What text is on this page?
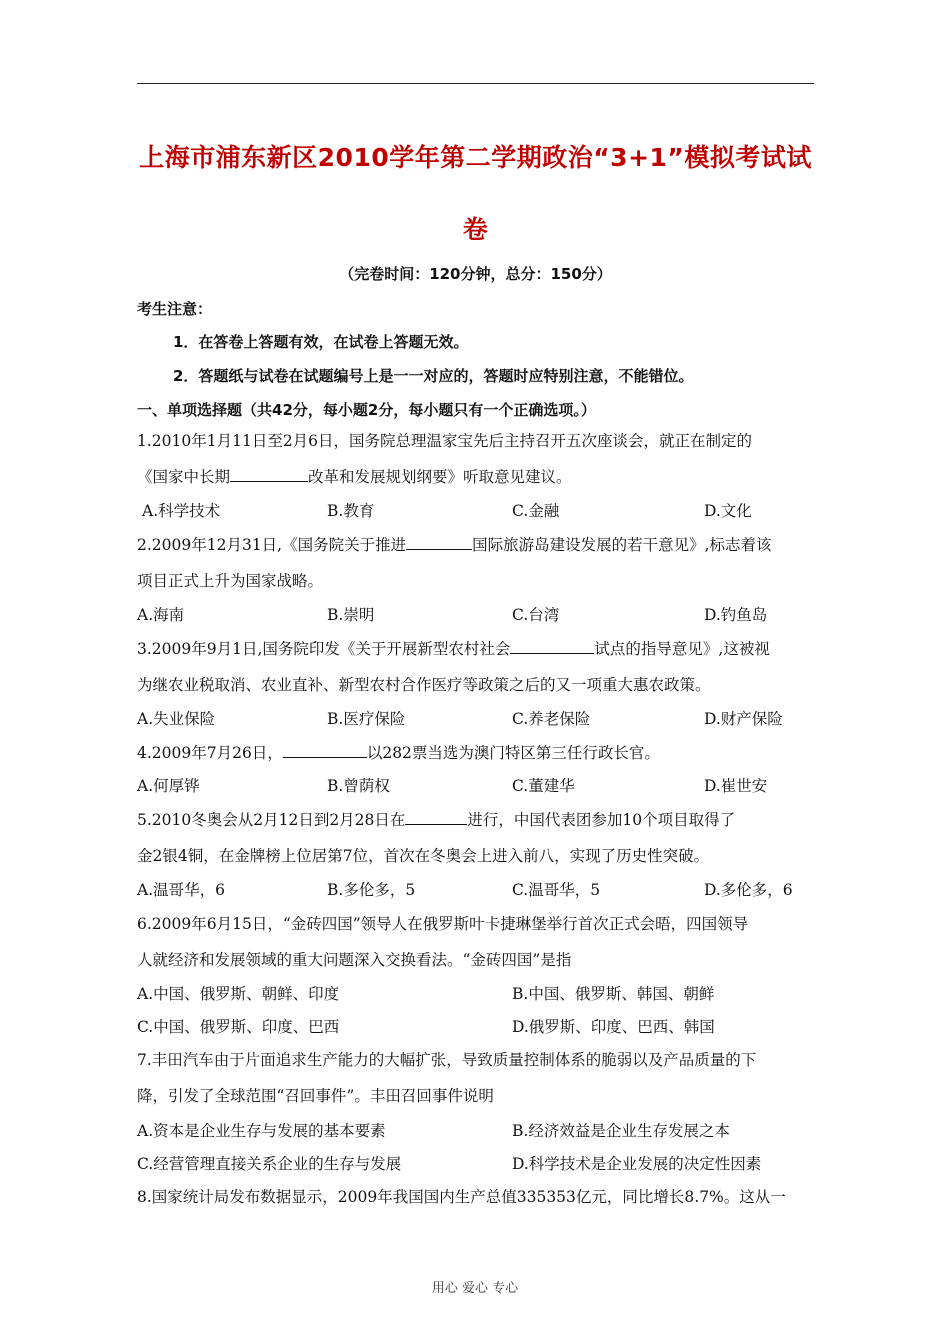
上海市浦东新区2010学年第二学期政治“3+1”模拟考试试
卷
（完卷时间：120分钟，总分：150分）
考生注意：
1．在答卷上答题有效，在试卷上答题无效。
2．答题纸与试卷在试题编号上是一一对应的，答题时应特别注意，不能错位。
一、单项选择题（共42分，每小题2分，每小题只有一个正确选项。）
1.2010年1月11日至2月6日，国务院总理温家宝先后主持召开五次座谈会，就正在制定的
《国家中长期	改革和发展规划纲要》听取意见建议。
A.科学技术	B.教育	C.金融	D.文化
2.2009年12月31日,《国务院关于推进	国际旅游岛建设发展的若干意见》,标志着该
项目正式上升为国家战略。
A.海南	B.崇明	C.台湾	D.钓鱼岛
3.2009年9月1日,国务院印发《关于开展新型农村社会	试点的指导意见》,这被视
为继农业税取消、农业直补、新型农村合作医疗等政策之后的又一项重大惠农政策。
A.失业保险	B.医疗保险	C.养老保险	D.财产保险
4.2009年7月26日，	以282票当选为澳门特区第三任行政长官。
A.何厚铧	B.曾荫权	C.董建华	D.崔世安
5.2010冬奥会从2月12日到2月28日在	进行，中国代表团参加10个项目取得了
金2银4铜，在金牌榜上位居第7位，首次在冬奥会上进入前八，实现了历史性突破。
A.温哥华，6	B.多伦多，5	C.温哥华，5	D.多伦多，6
6.2009年6月15日，“金砖四国”领导人在俄罗斯叶卡捷琳堡举行首次正式会晤，四国领导
人就经济和发展领域的重大问题深入交换看法。“金砖四国”是指
A.中国、俄罗斯、朝鲜、印度	B.中国、俄罗斯、韩国、朝鲜
C.中国、俄罗斯、印度、巴西	D.俄罗斯、印度、巴西、韩国
7.丰田汽车由于片面追求生产能力的大幅扩张，导致质量控制体系的脆弱以及产品质量的下
降，引发了全球范围“召回事件”。丰田召回事件说明
A.资本是企业生存与发展的基本要素	B.经济效益是企业生存发展之本
C.经营管理直接关系企业的生存与发展	D.科学技术是企业发展的决定性因素
8.国家统计局发布数据显示，2009年我国国内生产总值335353亿元，同比增长8.7%。这从一
用心 爱心 专心
